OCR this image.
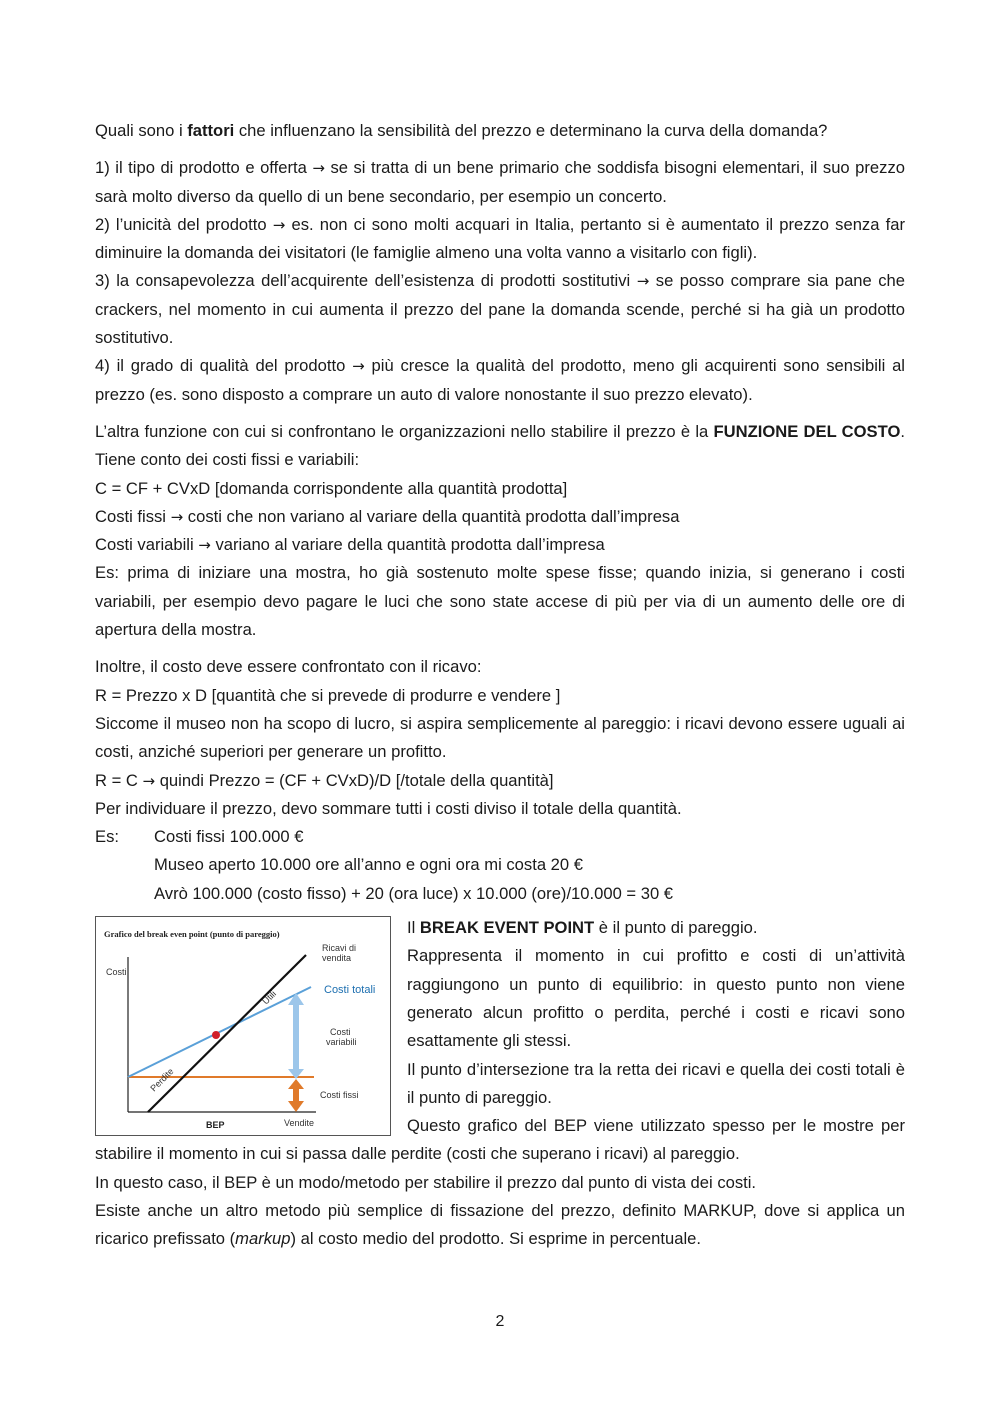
Quali sono i fattori che influenzano la sensibilità del prezzo e determinano la curva della domanda?

1) il tipo di prodotto e offerta → se si tratta di un bene primario che soddisfa bisogni elementari, il suo prezzo sarà molto diverso da quello di un bene secondario, per esempio un concerto.

2) l’unicità del prodotto → es. non ci sono molti acquari in Italia, pertanto si è aumentato il prezzo senza far diminuire la domanda dei visitatori (le famiglie almeno una volta vanno a visitarlo con figli).

3) la consapevolezza dell’acquirente dell’esistenza di prodotti sostitutivi → se posso comprare sia pane che crackers, nel momento in cui aumenta il prezzo del pane la domanda scende, perché si ha già un prodotto sostitutivo.

4) il grado di qualità del prodotto → più cresce la qualità del prodotto, meno gli acquirenti sono sensibili al prezzo (es. sono disposto a comprare un auto di valore nonostante il suo prezzo elevato).

L’altra funzione con cui si confrontano le organizzazioni nello stabilire il prezzo è la FUNZIONE DEL COSTO. Tiene conto dei costi fissi e variabili:

C = CF + CVxD [domanda corrispondente alla quantità prodotta]

Costi fissi → costi che non variano al variare della quantità prodotta dall’impresa

Costi variabili → variano al variare della quantità prodotta dall’impresa

Es: prima di iniziare una mostra, ho già sostenuto molte spese fisse; quando inizia, si generano i costi variabili, per esempio devo pagare le luci che sono state accese di più per via di un aumento delle ore di apertura della mostra.

Inoltre, il costo deve essere confrontato con il ricavo:

R = Prezzo x D [quantità che si prevede di produrre e vendere ]

Siccome il museo non ha scopo di lucro, si aspira semplicemente al pareggio: i ricavi devono essere uguali ai costi, anziché superiori per generare un profitto.

R = C → quindi Prezzo = (CF + CVxD)/D [/totale della quantità]

Per individuare il prezzo, devo sommare tutti i costi diviso il totale della quantità.

Es:	Costi fissi 100.000 €

Museo aperto 10.000 ore all’anno e ogni ora mi costa 20 €

Avrò 100.000 (costo fisso) + 20 (ora luce) x 10.000 (ore)/10.000 = 30 €

Grafico del break even point (punto di pareggio)
Costi
Ricavi di
vendita
Costi totali
Utili
Costi
variabili
Perdite
Costi fissi
BEP	Vendite

Il BREAK EVENT POINT è il punto di pareggio.

Rappresenta il momento in cui profitto e costi di un’attività raggiungono un punto di equilibrio: in questo punto non viene generato alcun profitto o perdita, perché i costi e ricavi sono esattamente gli stessi.

Il punto d’intersezione tra la retta dei ricavi e quella dei costi totali è il punto di pareggio.

Questo grafico del BEP viene utilizzato spesso per le mostre per stabilire il momento in cui si passa dalle perdite (costi che superano i ricavi) al pareggio.

In questo caso, il BEP è un modo/metodo per stabilire il prezzo dal punto di vista dei costi.

Esiste anche un altro metodo più semplice di fissazione del prezzo, definito MARKUP, dove si applica un ricarico prefissato (markup) al costo medio del prodotto. Si esprime in percentuale.

2
